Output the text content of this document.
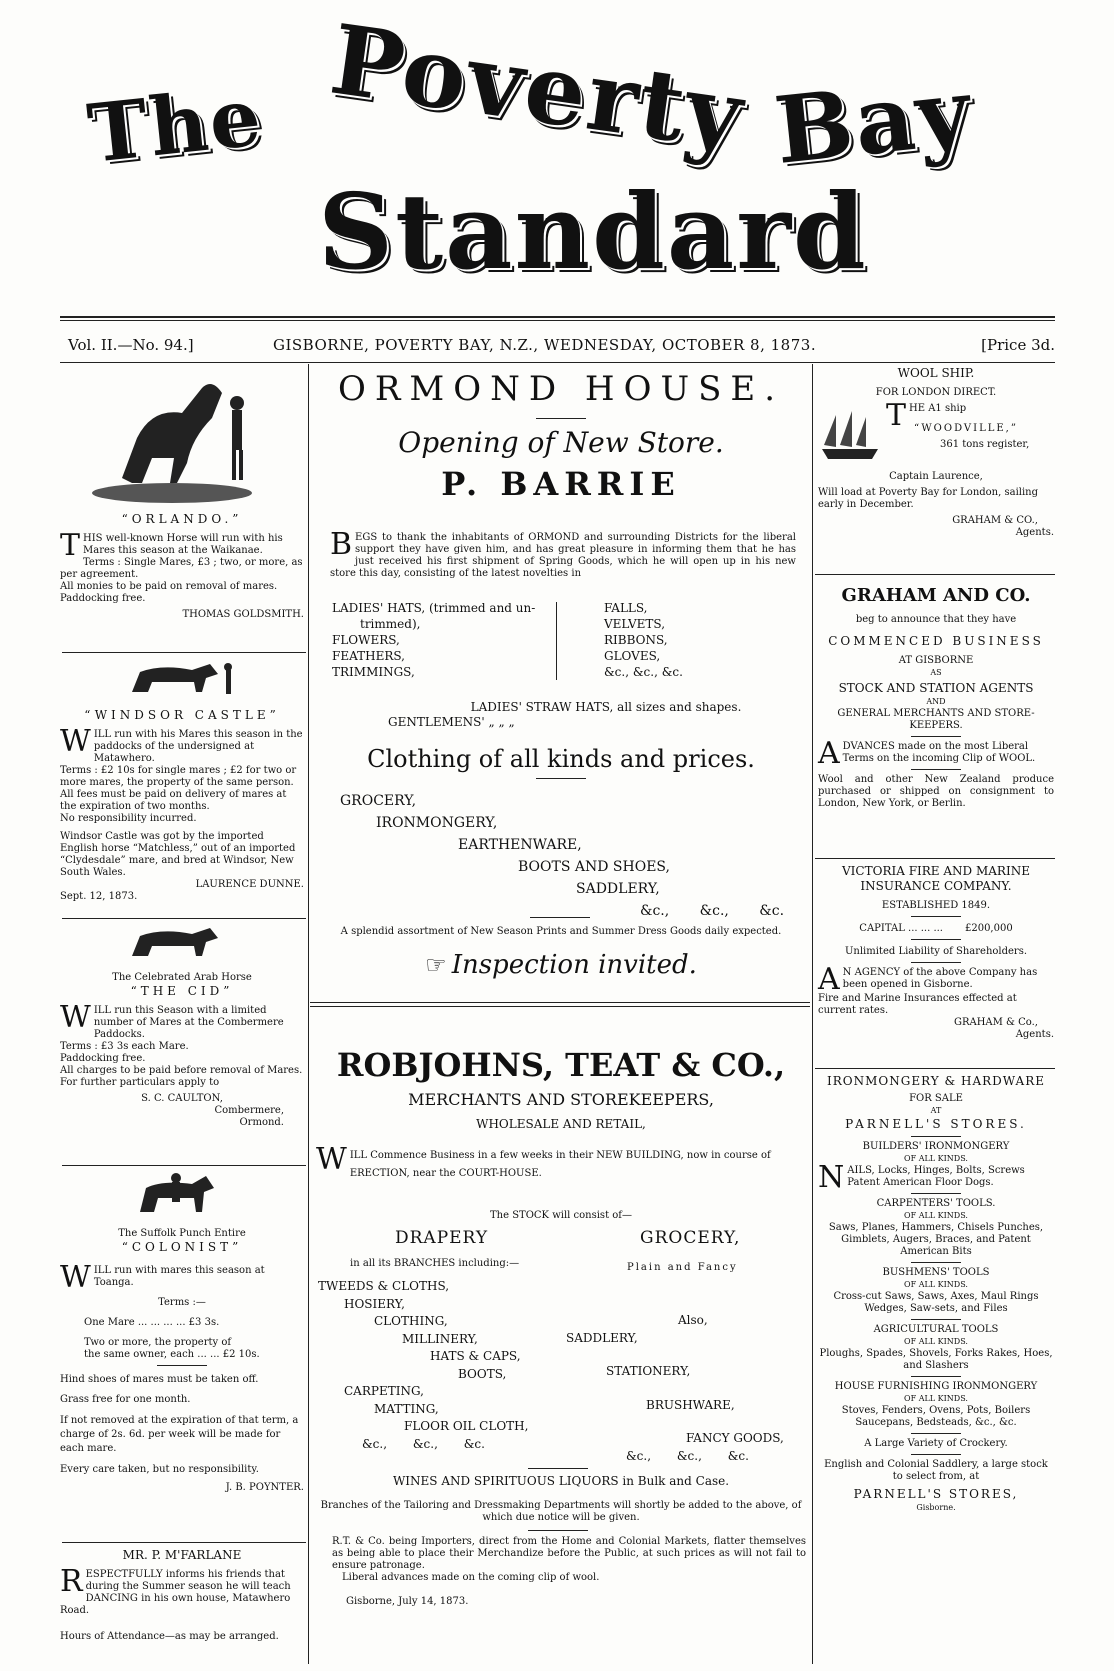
The Poverty Bay
Standard
Vol. II.—No. 94.]	GISBORNE, POVERTY BAY, N.Z., WEDNESDAY, OCTOBER 8, 1873.	[Price 3d.

“ORLANDO.”

THIS well-known Horse will run with his Mares this season at the Waikanae.

Terms : Single Mares, £3 ; two, or more, as per agreement.

All monies to be paid on removal of mares.

Paddocking free.

THOMAS GOLDSMITH.

“WINDSOR CASTLE”

WILL run with his Mares this season in the paddocks of the undersigned at Matawhero.

Terms : £2 10s for single mares ; £2 for two or more mares, the property of the same person.

All fees must be paid on delivery of mares at the expiration of two months.

No responsibility incurred.

Windsor Castle was got by the imported English horse “Matchless,” out of an imported “Clydesdale” mare, and bred at Windsor, New South Wales.

LAURENCE DUNNE.

Sept. 12, 1873.

The Celebrated Arab Horse

“THE CID”

WILL run this Season with a limited number of Mares at the Combermere Paddocks.

Terms : £3 3s each Mare.

Paddocking free.

All charges to be paid before removal of Mares.

For further particulars apply to

S. C. CAULTON,

Combermere,

Ormond.

The Suffolk Punch Entire

“COLONIST”

WILL run with mares this season at Toanga.

Terms :—

One Mare ... ... ... ... £3 3s.

Two or more, the property of

the same owner, each ... ... £2 10s.

Hind shoes of mares must be taken off.

Grass free for one month.

If not removed at the expiration of that term, a charge of 2s. 6d. per week will be made for each mare.

Every care taken, but no responsibility.

J. B. POYNTER.

MR. P. M'FARLANE

RESPECTFULLY informs his friends that during the Summer season he will teach DANCING in his own house, Matawhero Road.

Hours of Attendance—as may be arranged.

ORMOND HOUSE.

Opening of New Store.

P. BARRIE

BEGS to thank the inhabitants of ORMOND and surrounding Districts for the liberal support they have given him, and has great pleasure in informing them that he has just received his first shipment of Spring Goods, which he will open up in his new store this day, consisting of the latest novelties in

LADIES' HATS, (trimmed and un-

trimmed),

FLOWERS,

FEATHERS,

TRIMMINGS,

FALLS,

VELVETS,

RIBBONS,

GLOVES,

&c., &c., &c.

LADIES' STRAW HATS, all sizes and shapes.

GENTLEMENS' „ „ „

Clothing of all kinds and prices.

GROCERY,

IRONMONGERY,

EARTHENWARE,

BOOTS AND SHOES,

SADDLERY,

&c., &c., &c.

A splendid assortment of New Season Prints and Summer Dress Goods daily expected.
☞ Inspection invited.

ROBJOHNS, TEAT & CO.,

MERCHANTS AND STOREKEEPERS,

WHOLESALE AND RETAIL,

WILL Commence Business in a few weeks in their NEW BUILDING, now in course of ERECTION, near the COURT-HOUSE.
The STOCK will consist of—
DRAPERY
in all its BRANCHES including:—
GROCERY,
Plain and Fancy

TWEEDS & CLOTHS,

HOSIERY,

CLOTHING,

MILLINERY,

HATS & CAPS,

BOOTS,

CARPETING,

MATTING,

FLOOR OIL CLOTH,

&c., &c., &c.

Also,

SADDLERY,

STATIONERY,

BRUSHWARE,

FANCY GOODS,

&c., &c., &c.

WINES AND SPIRITUOUS LIQUORS in Bulk and Case.
Branches of the Tailoring and Dressmaking Departments will shortly be added to the above, of which due notice will be given.
R.T. & Co. being Importers, direct from the Home and Colonial Markets, flatter themselves as being able to place their Merchandize before the Public, at such prices as will not fail to ensure patronage.
Liberal advances made on the coming clip of wool.
Gisborne, July 14, 1873.

WOOL SHIP.

FOR LONDON DIRECT.

THE A1 ship

“WOODVILLE,”

361 tons register,

Captain Laurence,

Will load at Poverty Bay for London, sailing early in December.

GRAHAM & CO.,

Agents.

GRAHAM AND CO.

beg to announce that they have

COMMENCED BUSINESS

AT GISBORNE

AS

STOCK AND STATION AGENTS

AND

GENERAL MERCHANTS AND STORE-KEEPERS.

ADVANCES made on the most Liberal Terms on the incoming Clip of WOOL.

Wool and other New Zealand produce purchased or shipped on consignment to London, New York, or Berlin.

VICTORIA FIRE AND MARINE INSURANCE COMPANY.

ESTABLISHED 1849.

CAPITAL ... ... ... £200,000

Unlimited Liability of Shareholders.

A N AGENCY of the above Company has been opened in Gisborne.

Fire and Marine Insurances effected at current rates.

GRAHAM & Co.,

Agents.

IRONMONGERY & HARDWARE

FOR SALE

AT

PARNELL'S STORES.

BUILDERS' IRONMONGERY

OF ALL KINDS.

NAILS, Locks, Hinges, Bolts, Screws Patent American Floor Dogs.

CARPENTERS' TOOLS.

OF ALL KINDS.

Saws, Planes, Hammers, Chisels Punches, Gimblets, Augers, Braces, and Patent American Bits

BUSHMENS' TOOLS

OF ALL KINDS.

Cross-cut Saws, Saws, Axes, Maul Rings Wedges, Saw-sets, and Files

AGRICULTURAL TOOLS

OF ALL KINDS.

Ploughs, Spades, Shovels, Forks Rakes, Hoes, and Slashers

HOUSE FURNISHING IRONMONGERY

OF ALL KINDS.

Stoves, Fenders, Ovens, Pots, Boilers Saucepans, Bedsteads, &c., &c.

A Large Variety of Crockery.

English and Colonial Saddlery, a large stock to select from, at

PARNELL'S STORES,

Gisborne.
